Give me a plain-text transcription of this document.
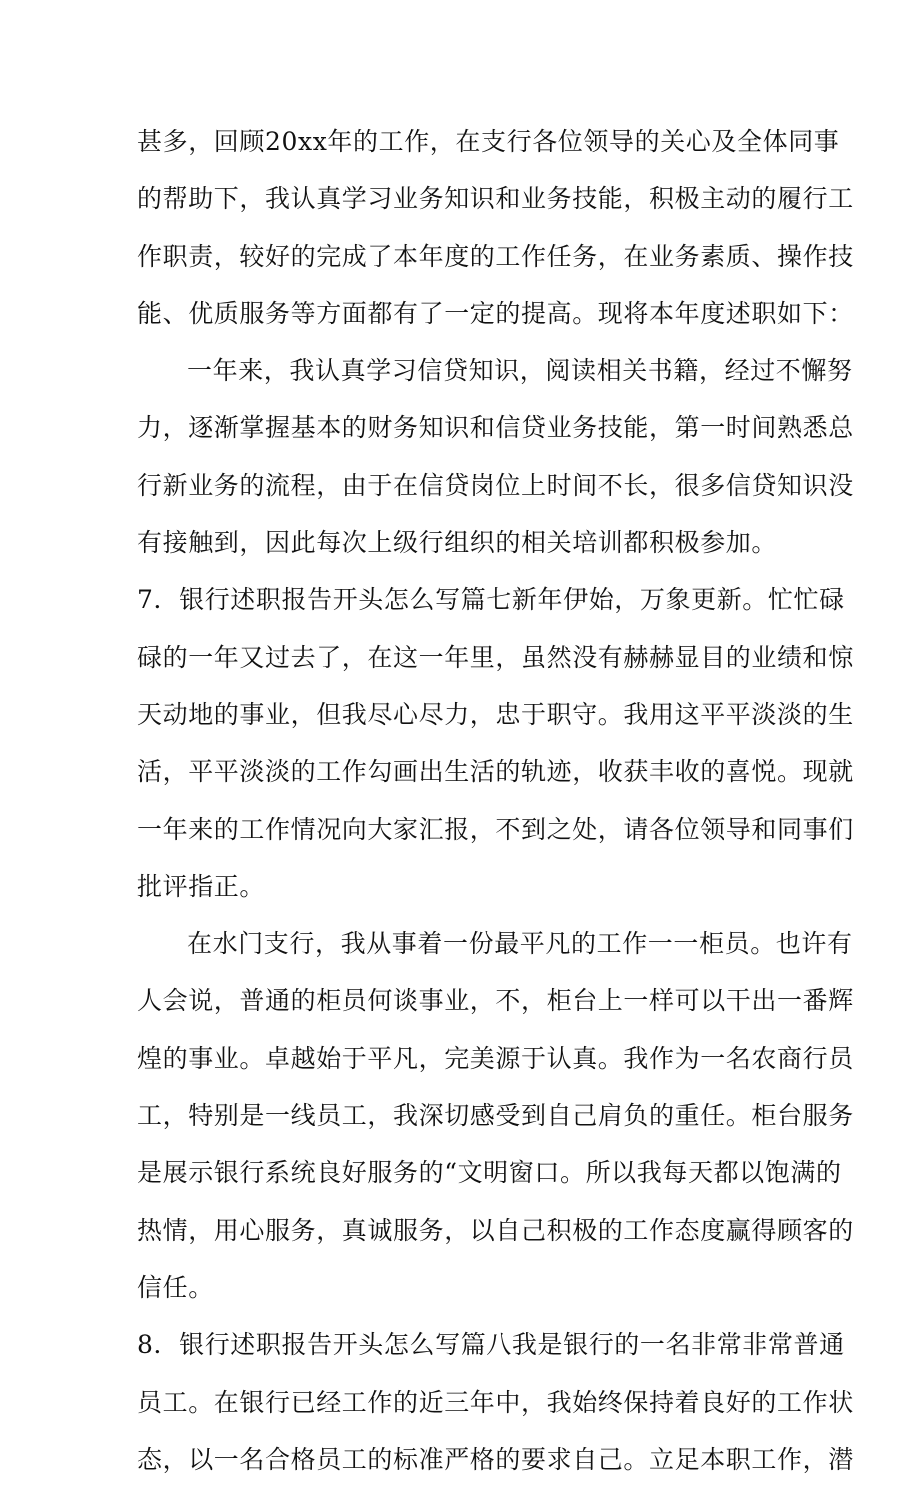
甚多，回顾20xx年的工作，在支行各位领导的关心及全体同事
的帮助下，我认真学习业务知识和业务技能，积极主动的履行工
作职责，较好的完成了本年度的工作任务，在业务素质、操作技
能、优质服务等方面都有了一定的提高。现将本年度述职如下：
一年来，我认真学习信贷知识，阅读相关书籍，经过不懈努
力，逐渐掌握基本的财务知识和信贷业务技能，第一时间熟悉总
行新业务的流程，由于在信贷岗位上时间不长，很多信贷知识没
有接触到，因此每次上级行组织的相关培训都积极参加。
7．银行述职报告开头怎么写篇七新年伊始，万象更新。忙忙碌
碌的一年又过去了，在这一年里，虽然没有赫赫显目的业绩和惊
天动地的事业，但我尽心尽力，忠于职守。我用这平平淡淡的生
活，平平淡淡的工作勾画出生活的轨迹，收获丰收的喜悦。现就
一年来的工作情况向大家汇报，不到之处，请各位领导和同事们
批评指正。
在水门支行，我从事着一份最平凡的工作一一柜员。也许有
人会说，普通的柜员何谈事业，不，柜台上一样可以干出一番辉
煌的事业。卓越始于平凡，完美源于认真。我作为一名农商行员
工，特别是一线员工，我深切感受到自己肩负的重任。柜台服务
是展示银行系统良好服务的“文明窗口。所以我每天都以饱满的
热情，用心服务，真诚服务，以自己积极的工作态度赢得顾客的
信任。
8．银行述职报告开头怎么写篇八我是银行的一名非常非常普通
员工。在银行已经工作的近三年中，我始终保持着良好的工作状
态，以一名合格员工的标准严格的要求自己。立足本职工作，潜
